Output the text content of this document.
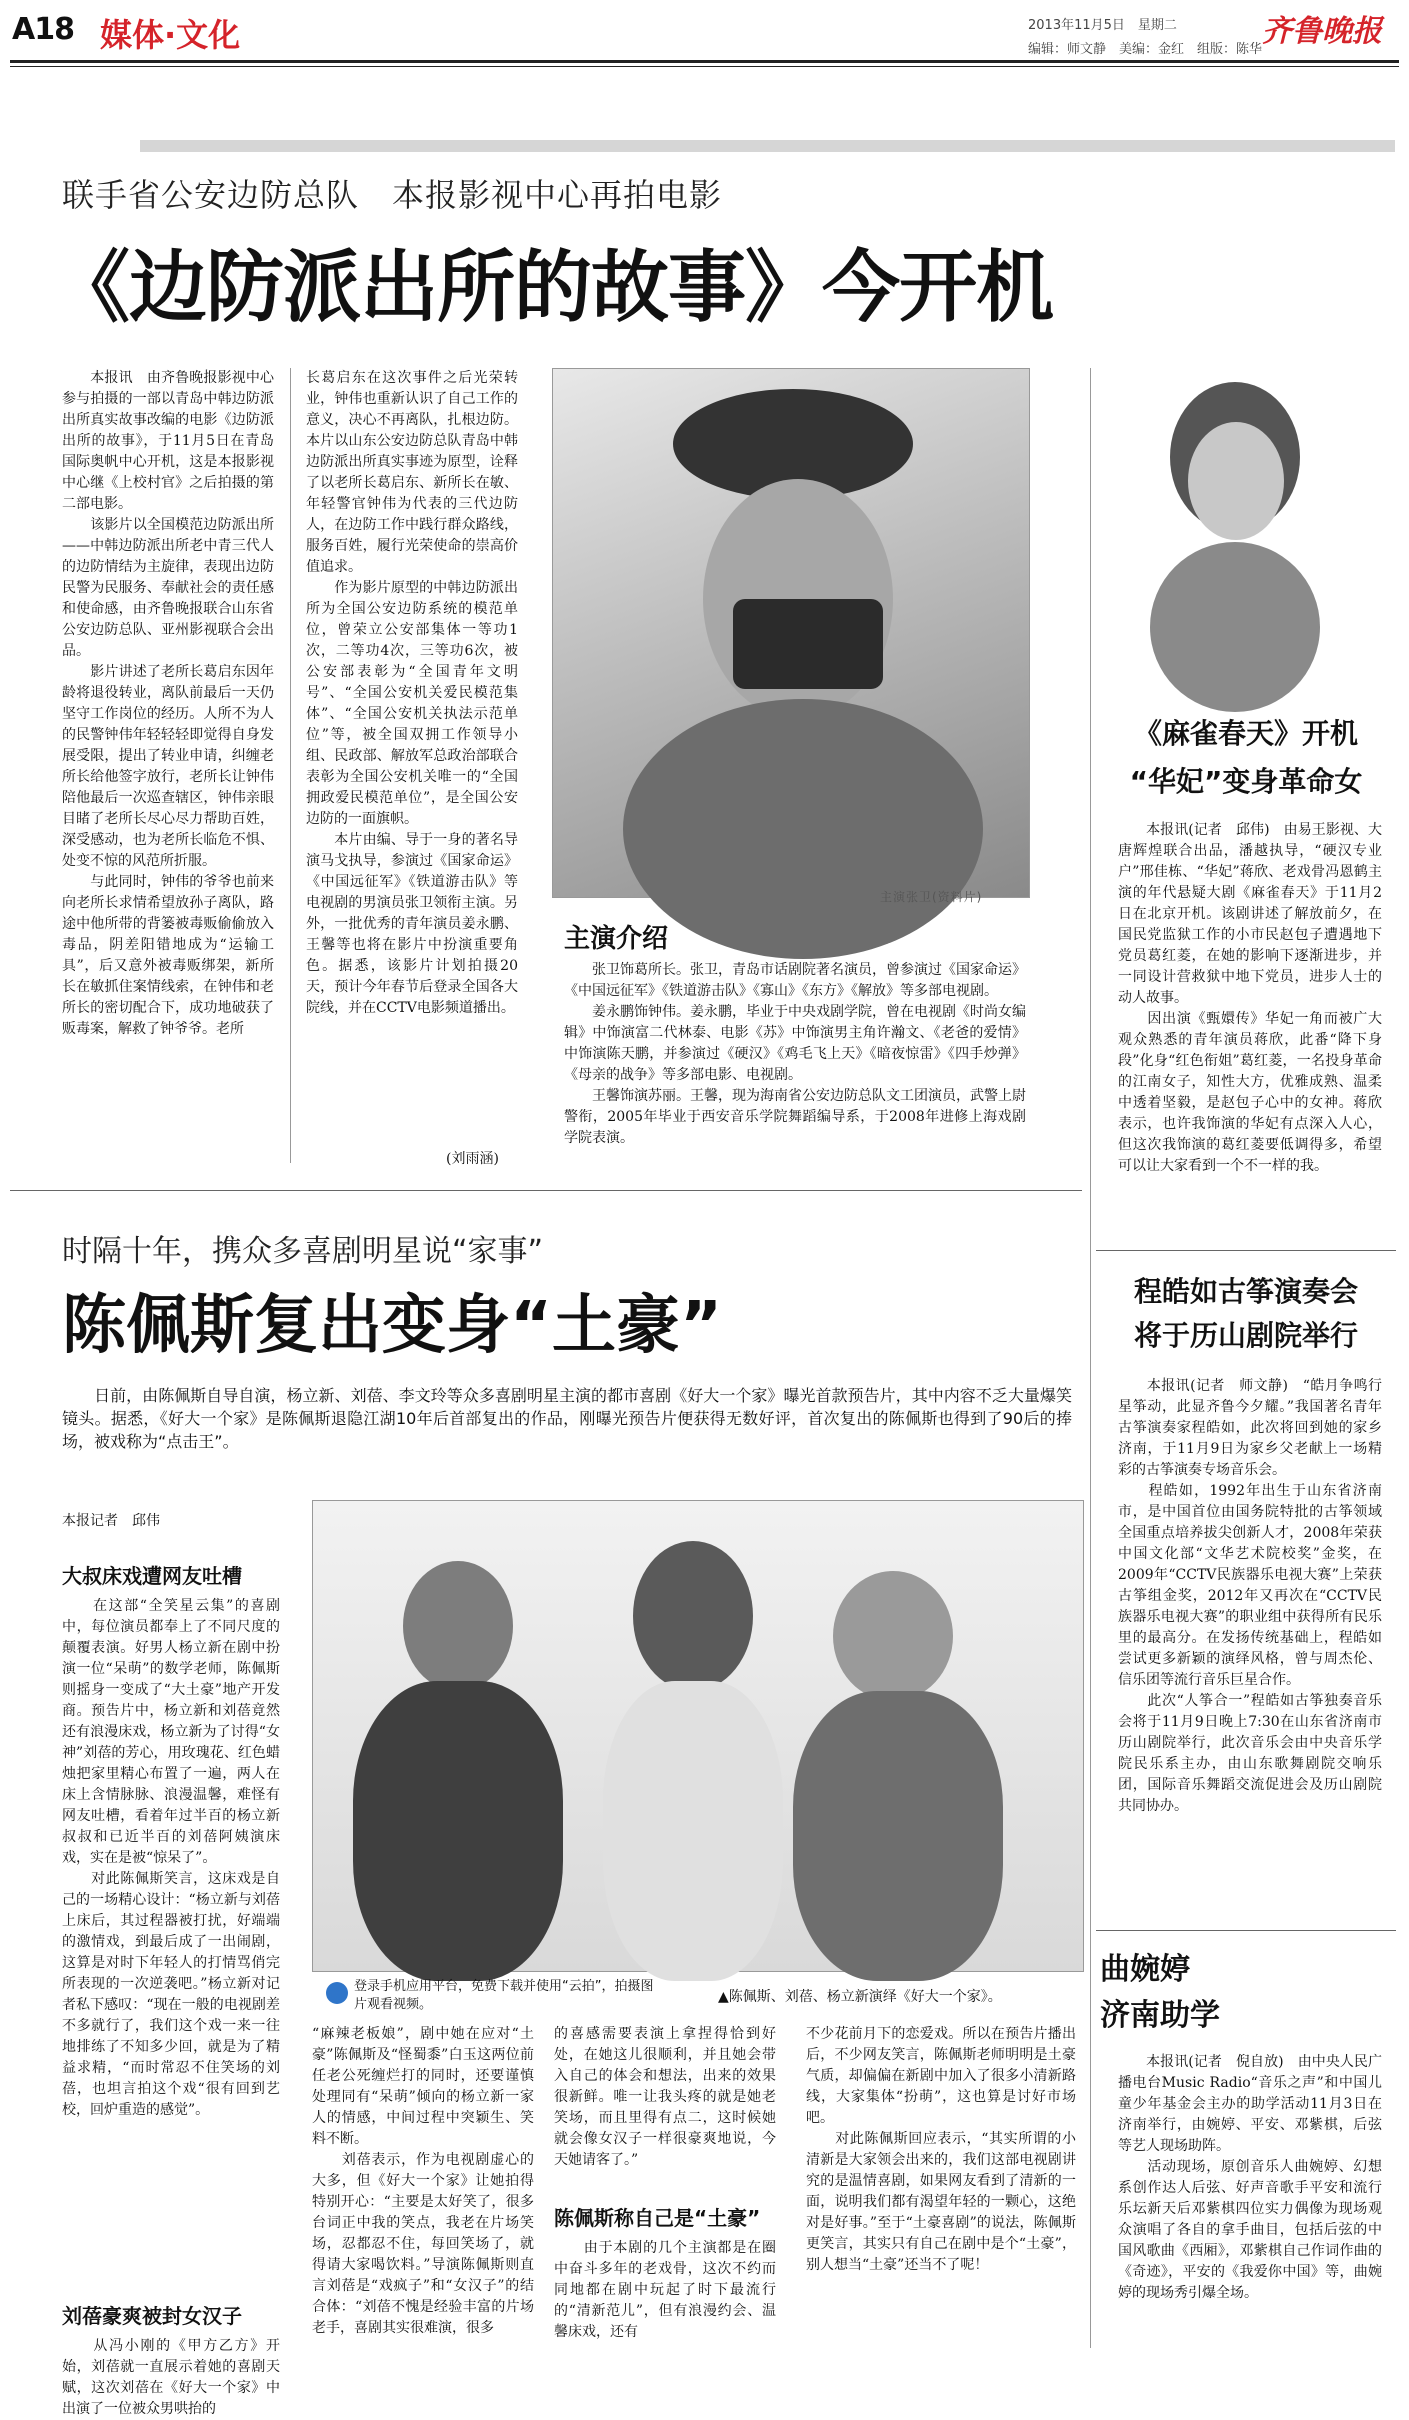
A18 媒体·文化	2013年11月5日　星期二	齐鲁晚报
编辑：师文静　美编：金红　组版：陈华
联手省公安边防总队　本报影视中心再拍电影
《边防派出所的故事》今开机
　　本报讯　由齐鲁晚报影视中心参与拍摄的一部以青岛中韩边防派出所真实故事改编的电影《边防派出所的故事》，于11月5日在青岛国际奥帆中心开机，这是本报影视中心继《上校村官》之后拍摄的第二部电影。
　　该影片以全国模范边防派出所——中韩边防派出所老中青三代人的边防情结为主旋律，表现出边防民警为民服务、奉献社会的责任感和使命感，由齐鲁晚报联合山东省公安边防总队、亚州影视联合会出品。
　　影片讲述了老所长葛启东因年龄将退役转业，离队前最后一天仍坚守工作岗位的经历。人所不为人的民警钟伟年轻轻轻即觉得自身发展受限，提出了转业申请，纠缠老所长给他签字放行，老所长让钟伟陪他最后一次巡查辖区，钟伟亲眼目睹了老所长尽心尽力帮助百姓，深受感动，也为老所长临危不惧、处变不惊的风范所折服。
　　与此同时，钟伟的爷爷也前来向老所长求情希望放孙子离队，路途中他所带的背篓被毒贩偷偷放入毒品，阴差阳错地成为“运输工具”，后又意外被毒贩绑架，新所长在敏抓住案情线索，在钟伟和老所长的密切配合下，成功地破获了贩毒案，解救了钟爷爷。老所
长葛启东在这次事件之后光荣转业，钟伟也重新认识了自己工作的意义，决心不再离队，扎根边防。本片以山东公安边防总队青岛中韩边防派出所真实事迹为原型，诠释了以老所长葛启东、新所长在敏、年轻警官钟伟为代表的三代边防人，在边防工作中践行群众路线，服务百姓，履行光荣使命的崇高价值追求。
　　作为影片原型的中韩边防派出所为全国公安边防系统的模范单位，曾荣立公安部集体一等功1次，二等功4次，三等功6次，被公安部表彰为“全国青年文明号”、“全国公安机关爱民模范集体”、“全国公安机关执法示范单位”等，被全国双拥工作领导小组、民政部、解放军总政治部联合表彰为全国公安机关唯一的“全国拥政爱民模范单位”，是全国公安边防的一面旗帜。
　　本片由编、导于一身的著名导演马戈执导，参演过《国家命运》《中国远征军》《铁道游击队》等电视剧的男演员张卫领衔主演。另外，一批优秀的青年演员姜永鹏、王馨等也将在影片中扮演重要角色。据悉，该影片计划拍摄20天，预计今年春节后登录全国各大院线，并在CCTV电影频道播出。
(刘雨涵)
主演张卫(资料片)
主演介绍
　　张卫饰葛所长。张卫，青岛市话剧院著名演员，曾参演过《国家命运》《中国远征军》《铁道游击队》《寡山》《东方》《解放》等多部电视剧。
　　姜永鹏饰钟伟。姜永鹏，毕业于中央戏剧学院，曾在电视剧《时尚女编辑》中饰演富二代林泰、电影《苏》中饰演男主角许瀚文、《老爸的爱情》中饰演陈天鹏，并参演过《硬汉》《鸡毛飞上天》《暗夜惊雷》《四手炒弹》《母亲的战争》等多部电影、电视剧。
　　王馨饰演苏丽。王馨，现为海南省公安边防总队文工团演员，武警上尉警衔，2005年毕业于西安音乐学院舞蹈编导系，于2008年进修上海戏剧学院表演。
《麻雀春天》开机
“华妃”变身革命女
　　本报讯(记者　邱伟)　由易王影视、大唐辉煌联合出品，潘越执导，“硬汉专业户”邢佳栋、“华妃”蒋欣、老戏骨冯恩鹤主演的年代悬疑大剧《麻雀春天》于11月2日在北京开机。该剧讲述了解放前夕，在国民党监狱工作的小市民赵包子遭遇地下党员葛红菱，在她的影响下逐渐进步，并一同设计营救狱中地下党员，进步人士的动人故事。
　　因出演《甄嬛传》华妃一角而被广大观众熟悉的青年演员蒋欣，此番“降下身段”化身“红色衔姐”葛红菱，一名投身革命的江南女子，知性大方，优雅成熟、温柔中透着坚毅，是赵包子心中的女神。蒋欣表示，也许我饰演的华妃有点深入人心，但这次我饰演的葛红菱要低调得多，希望可以让大家看到一个不一样的我。
时隔十年，携众多喜剧明星说“家事”
陈佩斯复出变身“土豪”
　　日前，由陈佩斯自导自演，杨立新、刘蓓、李文玲等众多喜剧明星主演的都市喜剧《好大一个家》曝光首款预告片，其中内容不乏大量爆笑镜头。据悉，《好大一个家》是陈佩斯退隐江湖10年后首部复出的作品，刚曝光预告片便获得无数好评，首次复出的陈佩斯也得到了90后的捧场，被戏称为“点击王”。
本报记者　邱伟
大叔床戏遭网友吐槽
　　在这部“全笑星云集”的喜剧中，每位演员都奉上了不同尺度的颠覆表演。好男人杨立新在剧中扮演一位“呆萌”的数学老师，陈佩斯则摇身一变成了“大土豪”地产开发商。预告片中，杨立新和刘蓓竟然还有浪漫床戏，杨立新为了讨得“女神”刘蓓的芳心，用玫瑰花、红色蜡烛把家里精心布置了一遍，两人在床上含情脉脉、浪漫温馨，难怪有网友吐槽，看着年过半百的杨立新叔叔和已近半百的刘蓓阿姨演床戏，实在是被“惊呆了”。
　　对此陈佩斯笑言，这床戏是自己的一场精心设计：“杨立新与刘蓓上床后，其过程器被打扰，好端端的激情戏，到最后成了一出闹剧，这算是对时下年轻人的打情骂俏完所表现的一次逆袭吧。”杨立新对记者私下感叹：“现在一般的电视剧差不多就行了，我们这个戏一来一往地排练了不知多少回，就是为了精益求精，“而时常忍不住笑场的刘蓓，也坦言拍这个戏“很有回到艺校，回炉重造的感觉”。
刘蓓豪爽被封女汉子
　　从冯小刚的《甲方乙方》开始，刘蓓就一直展示着她的喜剧天赋，这次刘蓓在《好大一个家》中出演了一位被众男哄抬的
登录手机应用平台，免费下载并使用“云拍”，拍摄图片观看视频。	▲陈佩斯、刘蓓、杨立新演绎《好大一个家》。
“麻辣老板娘”，剧中她在应对“土豪”陈佩斯及“怪蜀黍”白玉这两位前任老公死缠烂打的同时，还要谨慎处理同有“呆萌”倾向的杨立新一家人的情感，中间过程中突颖生、笑料不断。
　　刘蓓表示，作为电视剧虚心的大多，但《好大一个家》让她拍得特别开心：“主要是太好笑了，很多台词正中我的笑点，我老在片场笑场，忍都忍不住，每回笑场了，就得请大家喝饮料。”导演陈佩斯则直言刘蓓是“戏疯子”和“女汉子”的结合体：“刘蓓不愧是经验丰富的片场老手，喜剧其实很难演，很多
的喜感需要表演上拿捏得恰到好处，在她这儿很顺利，并且她会带入自己的体会和想法，出来的效果很新鲜。唯一让我头疼的就是她老笑场，而且里得有点二，这时候她就会像女汉子一样很豪爽地说，今天她请客了。”
陈佩斯称自己是“土豪”
　　由于本剧的几个主演都是在圈中奋斗多年的老戏骨，这次不约而同地都在剧中玩起了时下最流行的“清新范儿”，但有浪漫约会、温馨床戏，还有
不少花前月下的恋爱戏。所以在预告片播出后，不少网友笑言，陈佩斯老师明明是土豪气质，却偏偏在新剧中加入了很多小清新路线，大家集体“扮萌”，这也算是讨好市场吧。
　　对此陈佩斯回应表示，“其实所谓的小清新是大家领会出来的，我们这部电视剧讲究的是温情喜剧，如果网友看到了清新的一面，说明我们都有渴望年轻的一颗心，这绝对是好事。”至于“土豪喜剧”的说法，陈佩斯更笑言，其实只有自己在剧中是个“土豪”，别人想当“土豪”还当不了呢！
程皓如古筝演奏会
将于历山剧院举行
　　本报讯(记者　师文静)　“皓月争鸣行星筝动，此显齐鲁今夕耀。”我国著名青年古筝演奏家程皓如，此次将回到她的家乡济南，于11月9日为家乡父老献上一场精彩的古筝演奏专场音乐会。
　　程皓如，1992年出生于山东省济南市，是中国首位由国务院特批的古筝领域全国重点培养拔尖创新人才，2008年荣获中国文化部“文华艺术院校奖”金奖，在2009年“CCTV民族器乐电视大赛”上荣获古筝组金奖，2012年又再次在“CCTV民族器乐电视大赛”的职业组中获得所有民乐里的最高分。在发扬传统基础上，程皓如尝试更多新颖的演绎风格，曾与周杰伦、信乐团等流行音乐巨星合作。
　　此次“人筝合一”程皓如古筝独奏音乐会将于11月9日晚上7:30在山东省济南市历山剧院举行，此次音乐会由中央音乐学院民乐系主办，由山东歌舞剧院交响乐团，国际音乐舞蹈交流促进会及历山剧院共同协办。
曲婉婷
济南助学
　　本报讯(记者　倪自放)　由中央人民广播电台Music Radio“音乐之声”和中国儿童少年基金会主办的助学活动11月3日在济南举行，由婉婷、平安、邓紫棋，后弦等艺人现场助阵。
　　活动现场，原创音乐人曲婉婷、幻想系创作达人后弦、好声音歌手平安和流行乐坛新天后邓紫棋四位实力偶像为现场观众演唱了各自的拿手曲目，包括后弦的中国风歌曲《西厢》，邓紫棋自己作词作曲的《奇迹》，平安的《我爱你中国》等，曲婉婷的现场秀引爆全场。
